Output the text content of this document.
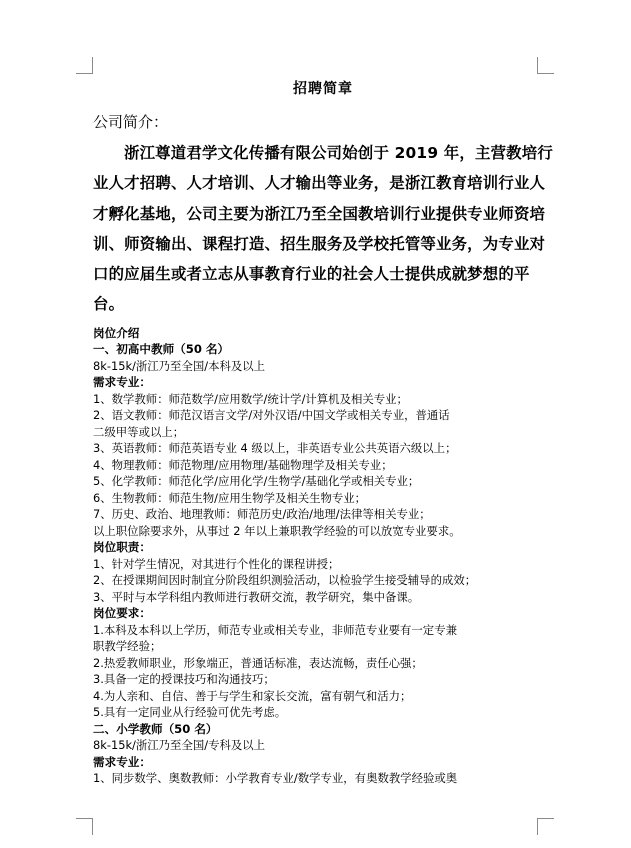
招聘简章
公司简介：

浙江尊道君学文化传播有限公司始创于 2019 年，主营教培行业人才招聘、人才培训、人才输出等业务，是浙江教育培训行业人才孵化基地，公司主要为浙江乃至全国教培训行业提供专业师资培训、师资输出、课程打造、招生服务及学校托管等业务，为专业对口的应届生或者立志从事教育行业的社会人士提供成就梦想的平台。

岗位介绍
一、初高中教师（50 名）
8k-15k/浙江乃至全国/本科及以上
需求专业：
1、数学教师：师范数学/应用数学/统计学/计算机及相关专业；
2、语文教师：师范汉语言文学/对外汉语/中国文学或相关专业，普通话
二级甲等或以上；
3、英语教师：师范英语专业 4 级以上，非英语专业公共英语六级以上；
4、物理教师：师范物理/应用物理/基础物理学及相关专业；
5、化学教师：师范化学/应用化学/生物学/基础化学或相关专业；
6、生物教师：师范生物/应用生物学及相关生物专业；
7、历史、政治、地理教师：师范历史/政治/地理/法律等相关专业；
以上职位除要求外，从事过 2 年以上兼职教学经验的可以放宽专业要求。
岗位职责：
1、针对学生情况，对其进行个性化的课程讲授；
2、在授课期间因时制宜分阶段组织测验活动，以检验学生接受辅导的成效；
3、平时与本学科组内教师进行教研交流，教学研究，集中备课。
岗位要求：
1.本科及本科以上学历，师范专业或相关专业，非师范专业要有一定专兼
职教学经验；
2.热爱教师职业，形象端正，普通话标准，表达流畅，责任心强；
3.具备一定的授课技巧和沟通技巧；
4.为人亲和、自信、善于与学生和家长交流，富有朝气和活力；
5.具有一定同业从行经验可优先考虑。
二、小学教师（50 名）
8k-15k/浙江乃至全国/专科及以上
需求专业：
1、同步数学、奥数教师：小学教育专业/数学专业，有奥数教学经验或奥
